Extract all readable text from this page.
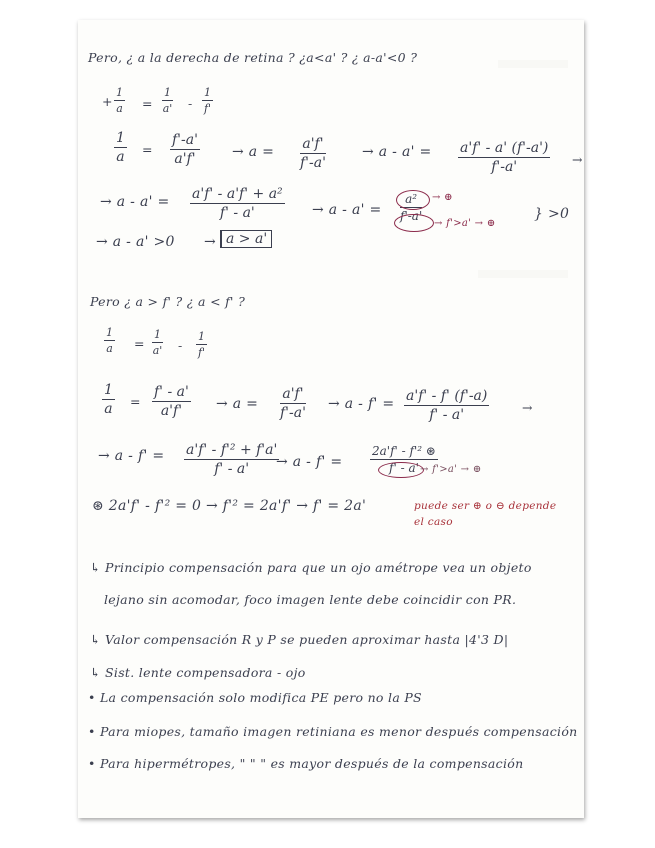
Pero, ¿ a la derecha de retina ? ¿a<a' ? ¿ a-a'<0 ?
+ $\frac{1}{a} = \frac{1}{a'} - \frac{1}{f'}$
$\frac{1}{a} = \frac{f'-a'}{a'f'} \to a = \frac{a'f'}{f'-a'}$	→ $a - a' = \frac{a'f' - a' (f'-a')}{f'-a'}$ →
→ $a - a' = \frac{\text{a'f' - a'f' + a²}}{f' - a'} \to a - a' = \frac{\text{a²}}{f'-a'}$ → ⊕
→ f'>a' → ⊕
} >0
→ a - a' >0 → a > a'
Pero ¿ a > f' ? ¿ a < f' ?
$\frac{1}{a} = \frac{1}{a'} - \frac{1}{f'}$
$\frac{1}{a} = \frac{f' - a'}{a'f'} \to a = \frac{a'f'}{f'-a'} \to a - f' = \frac{a'f' - f' (f'-a)}{f' - a'}$	→
→ $a - f' = \frac{\text{a'f' - f'² + f'a'}}{f' - a'}$
→ $a - f' = \frac{\text{2a'f' - f'² ⊛}}{f' - a'}$
→ f'>a' → ⊕
⊛ 2a'f' - f'² = 0 → f'² = 2a'f' → f' = 2a'	puede ser ⊕ o ⊖ depende
el caso
↳ Principio compensación para que un ojo amétrope vea un objeto
lejano sin acomodar, foco imagen lente debe coincidir con PR.
↳ Valor compensación R y P se pueden aproximar hasta |4'3 D|
↳ Sist. lente compensadora - ojo
• La compensación solo modifica PE pero no la PS
• Para miopes, tamaño imagen retiniana es menor después compensación
• Para hipermétropes, " " " es mayor después de la compensación
